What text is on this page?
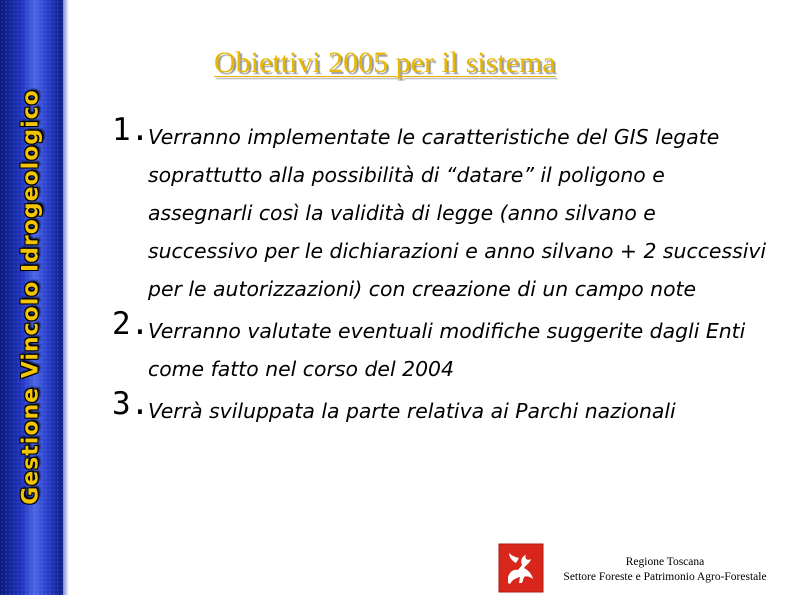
Gestione Vincolo Idrogeologico
Obiettivi 2005 per il sistema
1.
Verranno implementate le caratteristiche del GIS legate soprattutto alla possibilità di “datare” il poligono e assegnarli così la validità di legge (anno silvano e successivo per le dichiarazioni e anno silvano + 2 successivi per le autorizzazioni) con creazione di un campo note
2.
Verranno valutate eventuali modifiche suggerite dagli Enti come fatto nel corso del 2004
3.
Verrà sviluppata la parte relativa ai Parchi nazionali
Regione Toscana
Settore Foreste e Patrimonio Agro-Forestale
